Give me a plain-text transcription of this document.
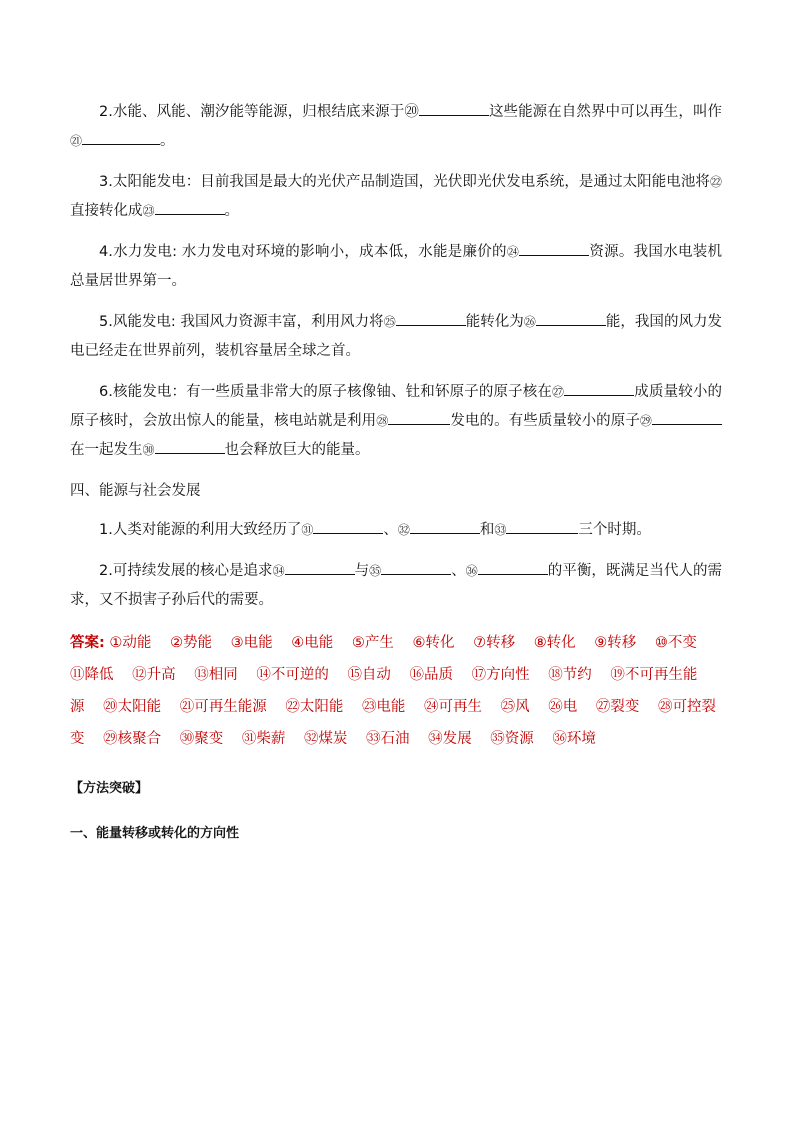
2.水能、风能、潮汐能等能源，归根结底来源于⑳	这些能源在自然界中可以再生，叫作㉑	。

3.太阳能发电：目前我国是最大的光伏产品制造国，光伏即光伏发电系统，是通过太阳能电池将㉒直接转化成㉓	。

4.水力发电: 水力发电对环境的影响小，成本低，水能是廉价的㉔	资源。我国水电装机总量居世界第一。

5.风能发电: 我国风力资源丰富，利用风力将㉕	能转化为㉖	能，我国的风力发电已经走在世界前列，装机容量居全球之首。

6.核能发电：有一些质量非常大的原子核像铀、钍和钚原子的原子核在㉗	成质量较小的原子核时，会放出惊人的能量，核电站就是利用㉘	发电的。有些质量较小的原子㉙在一起发生㉚	也会释放巨大的能量。

四、能源与社会发展

1.人类对能源的利用大致经历了㉛	、㉜	和㉝	三个时期。

2.可持续发展的核心是追求㉞	与㉟	、㊱	的平衡，既满足当代人的需求，又不损害子孙后代的需要。

答案: ①动能 ②势能 ③电能 ④电能 ⑤产生 ⑥转化 ⑦转移 ⑧转化 ⑨转移 ⑩不变 ⑪降低 ⑫升高 ⑬相同 ⑭不可逆的 ⑮自动 ⑯品质 ⑰方向性 ⑱节约 ⑲不可再生能源 ⑳太阳能 ㉑可再生能源 ㉒太阳能 ㉓电能 ㉔可再生 ㉕风 ㉖电 ㉗裂变 ㉘可控裂变 ㉙核聚合 ㉚聚变 ㉛柴薪 ㉜煤炭 ㉝石油 ㉞发展 ㉟资源 ㊱环境
【方法突破】
一、能量转移或转化的方向性
